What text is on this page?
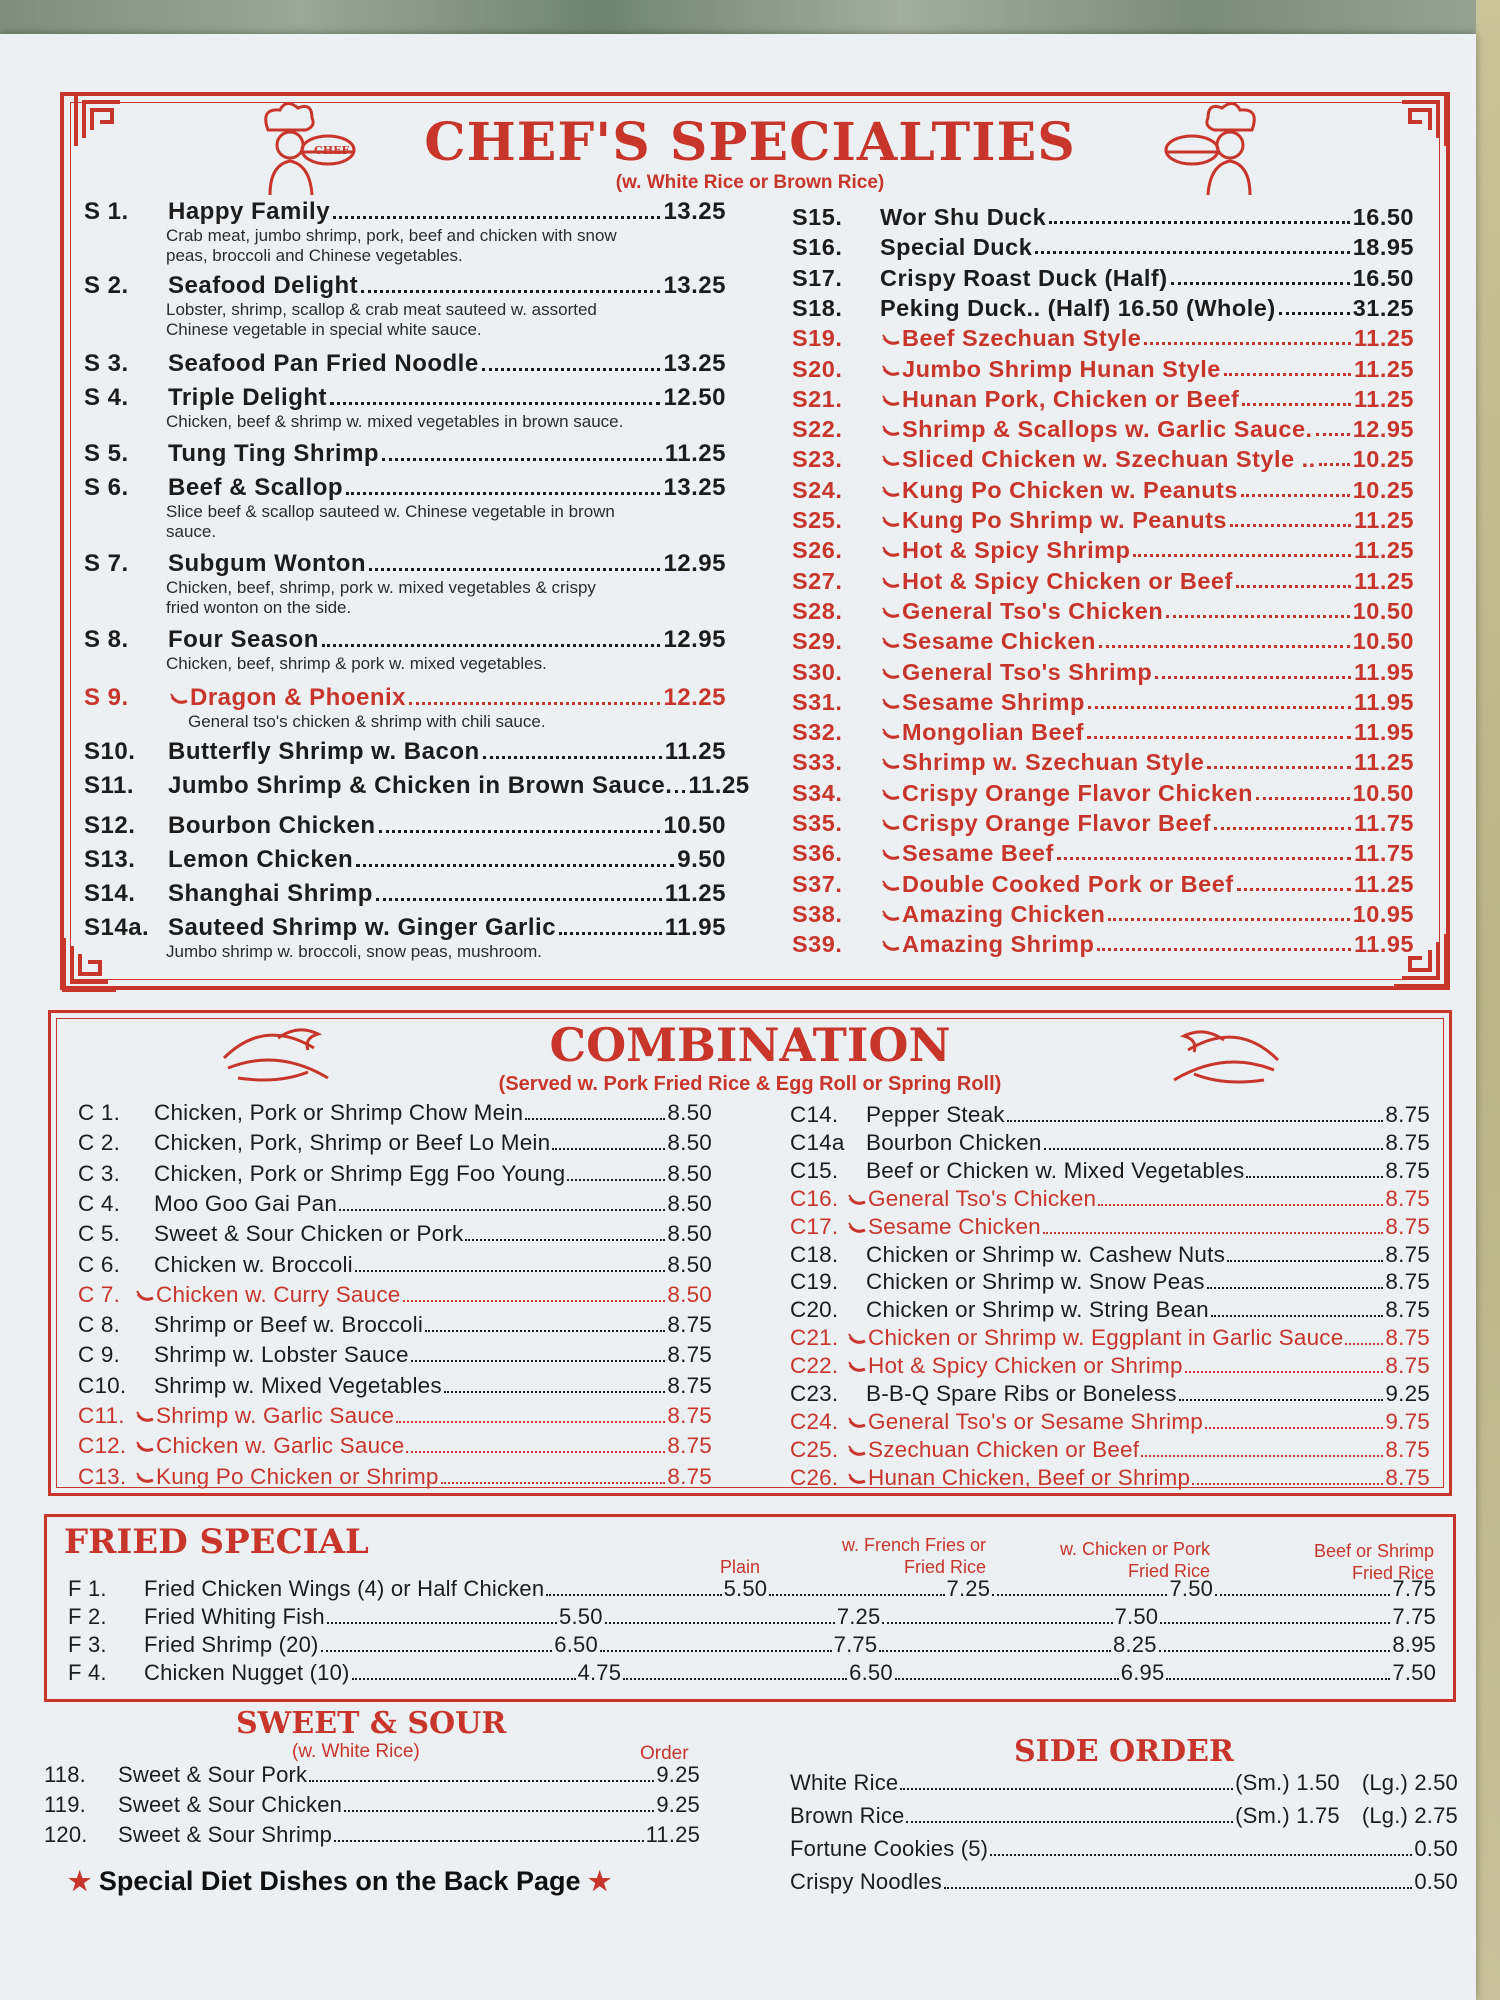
CHEF	CHEF'S SPECIALTIES
(w. White Rice or Brown Rice)
S 1.	Happy Family	13.25
Crab meat, jumbo shrimp, pork, beef and chicken with snow
peas, broccoli and Chinese vegetables.
S 2.	Seafood Delight	13.25
Lobster, shrimp, scallop & crab meat sauteed w. assorted
Chinese vegetable in special white sauce.
S 3.	Seafood Pan Fried Noodle	13.25
S 4.	Triple Delight	12.50
Chicken, beef & shrimp w. mixed vegetables in brown sauce.
S 5.	Tung Ting Shrimp	11.25
S 6.	Beef & Scallop	13.25
Slice beef & scallop sauteed w. Chinese vegetable in brown
sauce.
S 7.	Subgum Wonton	12.95
Chicken, beef, shrimp, pork w. mixed vegetables & crispy
fried wonton on the side.
S 8.	Four Season	12.95
Chicken, beef, shrimp & pork w. mixed vegetables.
S 9.	Dragon & Phoenix	12.25
General tso's chicken & shrimp with chili sauce.
S10.	Butterfly Shrimp w. Bacon	11.25
S11.	Jumbo Shrimp & Chicken in Brown Sauce. 11.25
S12.	Bourbon Chicken	10.50
S13.	Lemon Chicken	9.50
S14.	Shanghai Shrimp	11.25
S14a. Sauteed Shrimp w. Ginger Garlic	11.95
Jumbo shrimp w. broccoli, snow peas, mushroom.
S15.	Wor Shu Duck	16.50
S16.	Special Duck	18.95
S17.	Crispy Roast Duck (Half)	16.50
S18.	Peking Duck.. (Half) 16.50 (Whole)	31.25
S19.	Beef Szechuan Style	11.25
S20.	Jumbo Shrimp Hunan Style	11.25
S21.	Hunan Pork, Chicken or Beef	11.25
S22.	Shrimp & Scallops w. Garlic Sauce. 12.95
S23.	Sliced Chicken w. Szechuan Style .. 10.25
S24.	Kung Po Chicken w. Peanuts	10.25
S25.	Kung Po Shrimp w. Peanuts	11.25
S26.	Hot & Spicy Shrimp	11.25
S27.	Hot & Spicy Chicken or Beef	11.25
S28.	General Tso's Chicken	10.50
S29.	Sesame Chicken	10.50
S30.	General Tso's Shrimp	11.95
S31.	Sesame Shrimp	11.95
S32.	Mongolian Beef	11.95
S33.	Shrimp w. Szechuan Style	11.25
S34.	Crispy Orange Flavor Chicken	10.50
S35.	Crispy Orange Flavor Beef	11.75
S36.	Sesame Beef	11.75
S37.	Double Cooked Pork or Beef	11.25
S38.	Amazing Chicken	10.95
S39.	Amazing Shrimp	11.95
COMBINATION
(Served w. Pork Fried Rice & Egg Roll or Spring Roll)
C 1.	Chicken, Pork or Shrimp Chow Mein	8.50
C 2.	Chicken, Pork, Shrimp or Beef Lo Mein	8.50
C 3.	Chicken, Pork or Shrimp Egg Foo Young	8.50
C 4.	Moo Goo Gai Pan	8.50
C 5.	Sweet & Sour Chicken or Pork	8.50
C 6.	Chicken w. Broccoli	8.50
C 7.	Chicken w. Curry Sauce	8.50
C 8.	Shrimp or Beef w. Broccoli	8.75
C 9.	Shrimp w. Lobster Sauce	8.75
C10.	Shrimp w. Mixed Vegetables	8.75
C11.	Shrimp w. Garlic Sauce	8.75
C12.	Chicken w. Garlic Sauce	8.75
C13.	Kung Po Chicken or Shrimp	8.75
C14.	Pepper Steak	8.75
C14a Bourbon Chicken	8.75
C15.	Beef or Chicken w. Mixed Vegetables	8.75
C16.	General Tso's Chicken	8.75
C17.	Sesame Chicken	8.75
C18.	Chicken or Shrimp w. Cashew Nuts	8.75
C19.	Chicken or Shrimp w. Snow Peas	8.75
C20.	Chicken or Shrimp w. String Bean	8.75
C21.	Chicken or Shrimp w. Eggplant in Garlic Sauce 8.75
C22.	Hot & Spicy Chicken or Shrimp	8.75
C23.	B-B-Q Spare Ribs or Boneless	9.25
C24.	General Tso's or Sesame Shrimp	9.75
C25.	Szechuan Chicken or Beef	8.75
C26.	Hunan Chicken, Beef or Shrimp	8.75
FRIED SPECIAL
Plain
w. French Fries or
Fried Rice
w. Chicken or Pork
Fried Rice
Beef or Shrimp
Fried Rice
F 1.	Fried Chicken Wings (4) or Half Chicken	5.50	7.25	7.50	7.75
F 2.	Fried Whiting Fish	5.50	7.25	7.50	7.75
F 3.	Fried Shrimp (20)	6.50	7.75	8.25	8.95
F 4.	Chicken Nugget (10)	4.75	6.50	6.95	7.50
SWEET & SOUR
(w. White Rice)	Order
118.	Sweet & Sour Pork	9.25
119.	Sweet & Sour Chicken	9.25
120.	Sweet & Sour Shrimp	11.25
SIDE ORDER
White Rice	(Sm.) 1.50 (Lg.) 2.50
Brown Rice	(Sm.) 1.75 (Lg.) 2.75
Fortune Cookies (5)	0.50
Crispy Noodles	0.50
★ Special Diet Dishes on the Back Page ★
